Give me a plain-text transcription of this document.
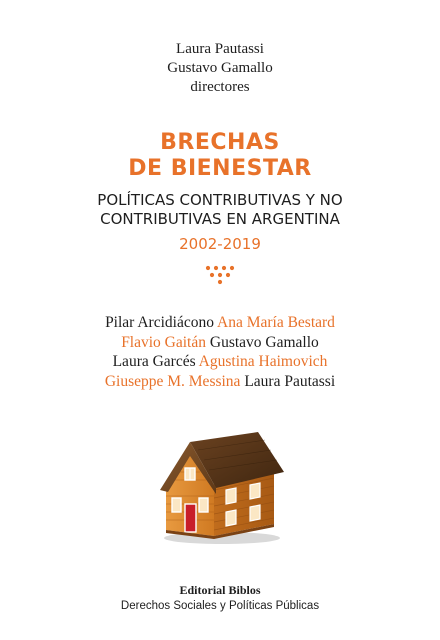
Laura Pautassi
Gustavo Gamallo
directores
BRECHAS
DE BIENESTAR
POLÍTICAS CONTRIBUTIVAS Y NO
CONTRIBUTIVAS EN ARGENTINA
2002-2019
Pilar Arcidiácono Ana María Bestard
Flavio Gaitán Gustavo Gamallo
Laura Garcés Agustina Haimovich
Giuseppe M. Messina Laura Pautassi
Editorial Biblos
Derechos Sociales y Políticas Públicas
